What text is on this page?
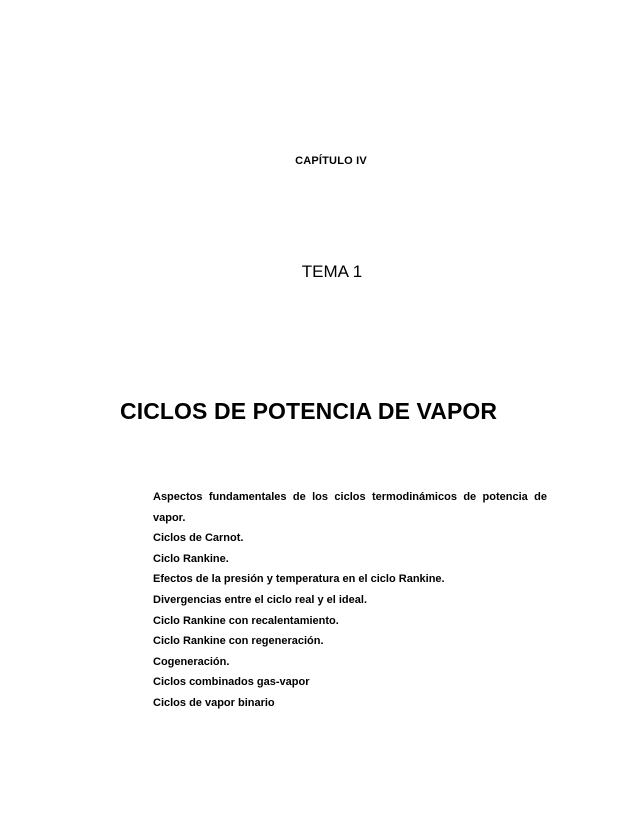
CAPÍTULO IV
TEMA 1
CICLOS DE POTENCIA DE VAPOR
Aspectos fundamentales de los ciclos termodinámicos de potencia de vapor.
Ciclos de Carnot.
Ciclo Rankine.
Efectos de la presión y temperatura en el ciclo Rankine.
Divergencias entre el ciclo real y el ideal.
Ciclo Rankine con recalentamiento.
Ciclo Rankine con regeneración.
Cogeneración.
Ciclos combinados gas-vapor
Ciclos de vapor binario
